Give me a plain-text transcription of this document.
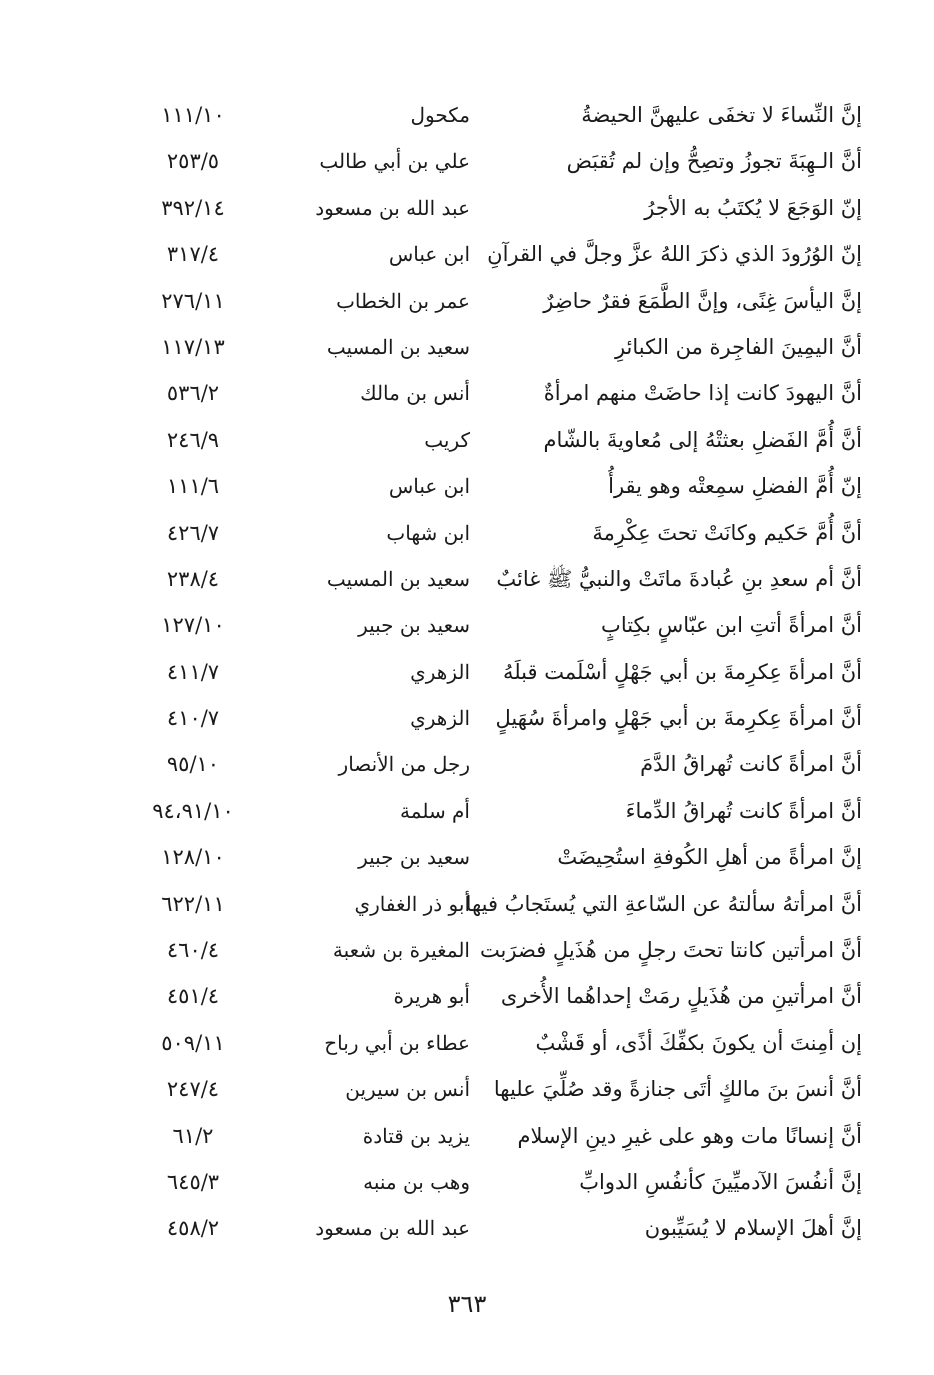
إنَّ النِّساءَ لا تخفَى عليهنَّ الحيضةُ
مكحول
١١١/١٠
أنَّ الـهِبَةَ تجوزُ وتصِحُّ وإن لم تُقبَض
علي بن أبي طالب
٢٥٣/٥
إنّ الوَجَعَ لا يُكتَبُ به الأجرُ
عبد الله بن مسعود
٣٩٢/١٤
إنّ الوُرُودَ الذي ذكرَ اللهُ عزَّ وجلَّ في القرآنِ
ابن عباس
٣١٧/٤
إنَّ اليأسَ غِنًى، وإنَّ الطَّمَعَ فقرٌ حاضِرٌ
عمر بن الخطاب
٢٧٦/١١
أنَّ اليمِينَ الفاجِرة من الكبائرِ
سعيد بن المسيب
١١٧/١٣
أنَّ اليهودَ كانت إذا حاضَتْ منهم امرأةٌ
أنس بن مالك
٥٣٦/٢
أنَّ أُمَّ الفَضلِ بعثتْهُ إلى مُعاويةَ بالشّام
كريب
٢٤٦/٩
إنّ أُمَّ الفضلِ سمِعتْه وهو يقرأُ
ابن عباس
١١١/٦
أنَّ أُمَّ حَكيم وكانَتْ تحتَ عِكْرِمةَ
ابن شهاب
٤٢٦/٧
أنَّ أم سعدِ بنِ عُبادةَ ماتَتْ والنبيُّ ﷺ غائبٌ
سعيد بن المسيب
٢٣٨/٤
أنَّ امرأةً أتتِ ابن عبّاسٍ بكِتابٍ
سعيد بن جبير
١٢٧/١٠
أنَّ امرأةَ عِكرِمةَ بن أبي جَهْلٍ أسْلَمت قبلَهُ
الزهري
٤١١/٧
أنَّ امرأةَ عِكرِمةَ بن أبي جَهْلٍ وامرأةَ سُهَيلٍ
الزهري
٤١٠/٧
أنَّ امرأةً كانت تُهراقُ الدَّمَ
رجل من الأنصار
٩٥/١٠
أنَّ امرأةً كانت تُهراقُ الدِّماءَ
أم سلمة
٩٤،٩١/١٠
إنَّ امرأةً من أهلِ الكُوفةِ استُحِيضَتْ
سعيد بن جبير
١٢٨/١٠
أنَّ امرأتهُ سألتهُ عن السّاعةِ التي يُستَجابُ فيها
أبو ذر الغفاري
٦٢٢/١١
أنَّ امرأتين كانتا تحتَ رجلٍ من هُذَيلٍ فضرَبت
المغيرة بن شعبة
٤٦٠/٤
أنَّ امرأتينِ من هُذَيلٍ رمَتْ إحداهُما الأُخرى
أبو هريرة
٤٥١/٤
إن أمِنتَ أن يكونَ بكفِّكَ أذًى، أو قَشْبٌ
عطاء بن أبي رباح
٥٠٩/١١
أنَّ أنسَ بنَ مالكٍ أتَى جنازةً وقد صُلِّيَ عليها
أنس بن سيرين
٢٤٧/٤
أنَّ إنسانًا مات وهو على غيرِ دينِ الإسلام
يزيد بن قتادة
٦١/٢
إنَّ أنفُسَ الآدميِّينَ كأنفُسِ الدوابِّ
وهب بن منبه
٦٤٥/٣
إنَّ أهلَ الإسلام لا يُسَيِّبون
عبد الله بن مسعود
٤٥٨/٢
٣٦٣
